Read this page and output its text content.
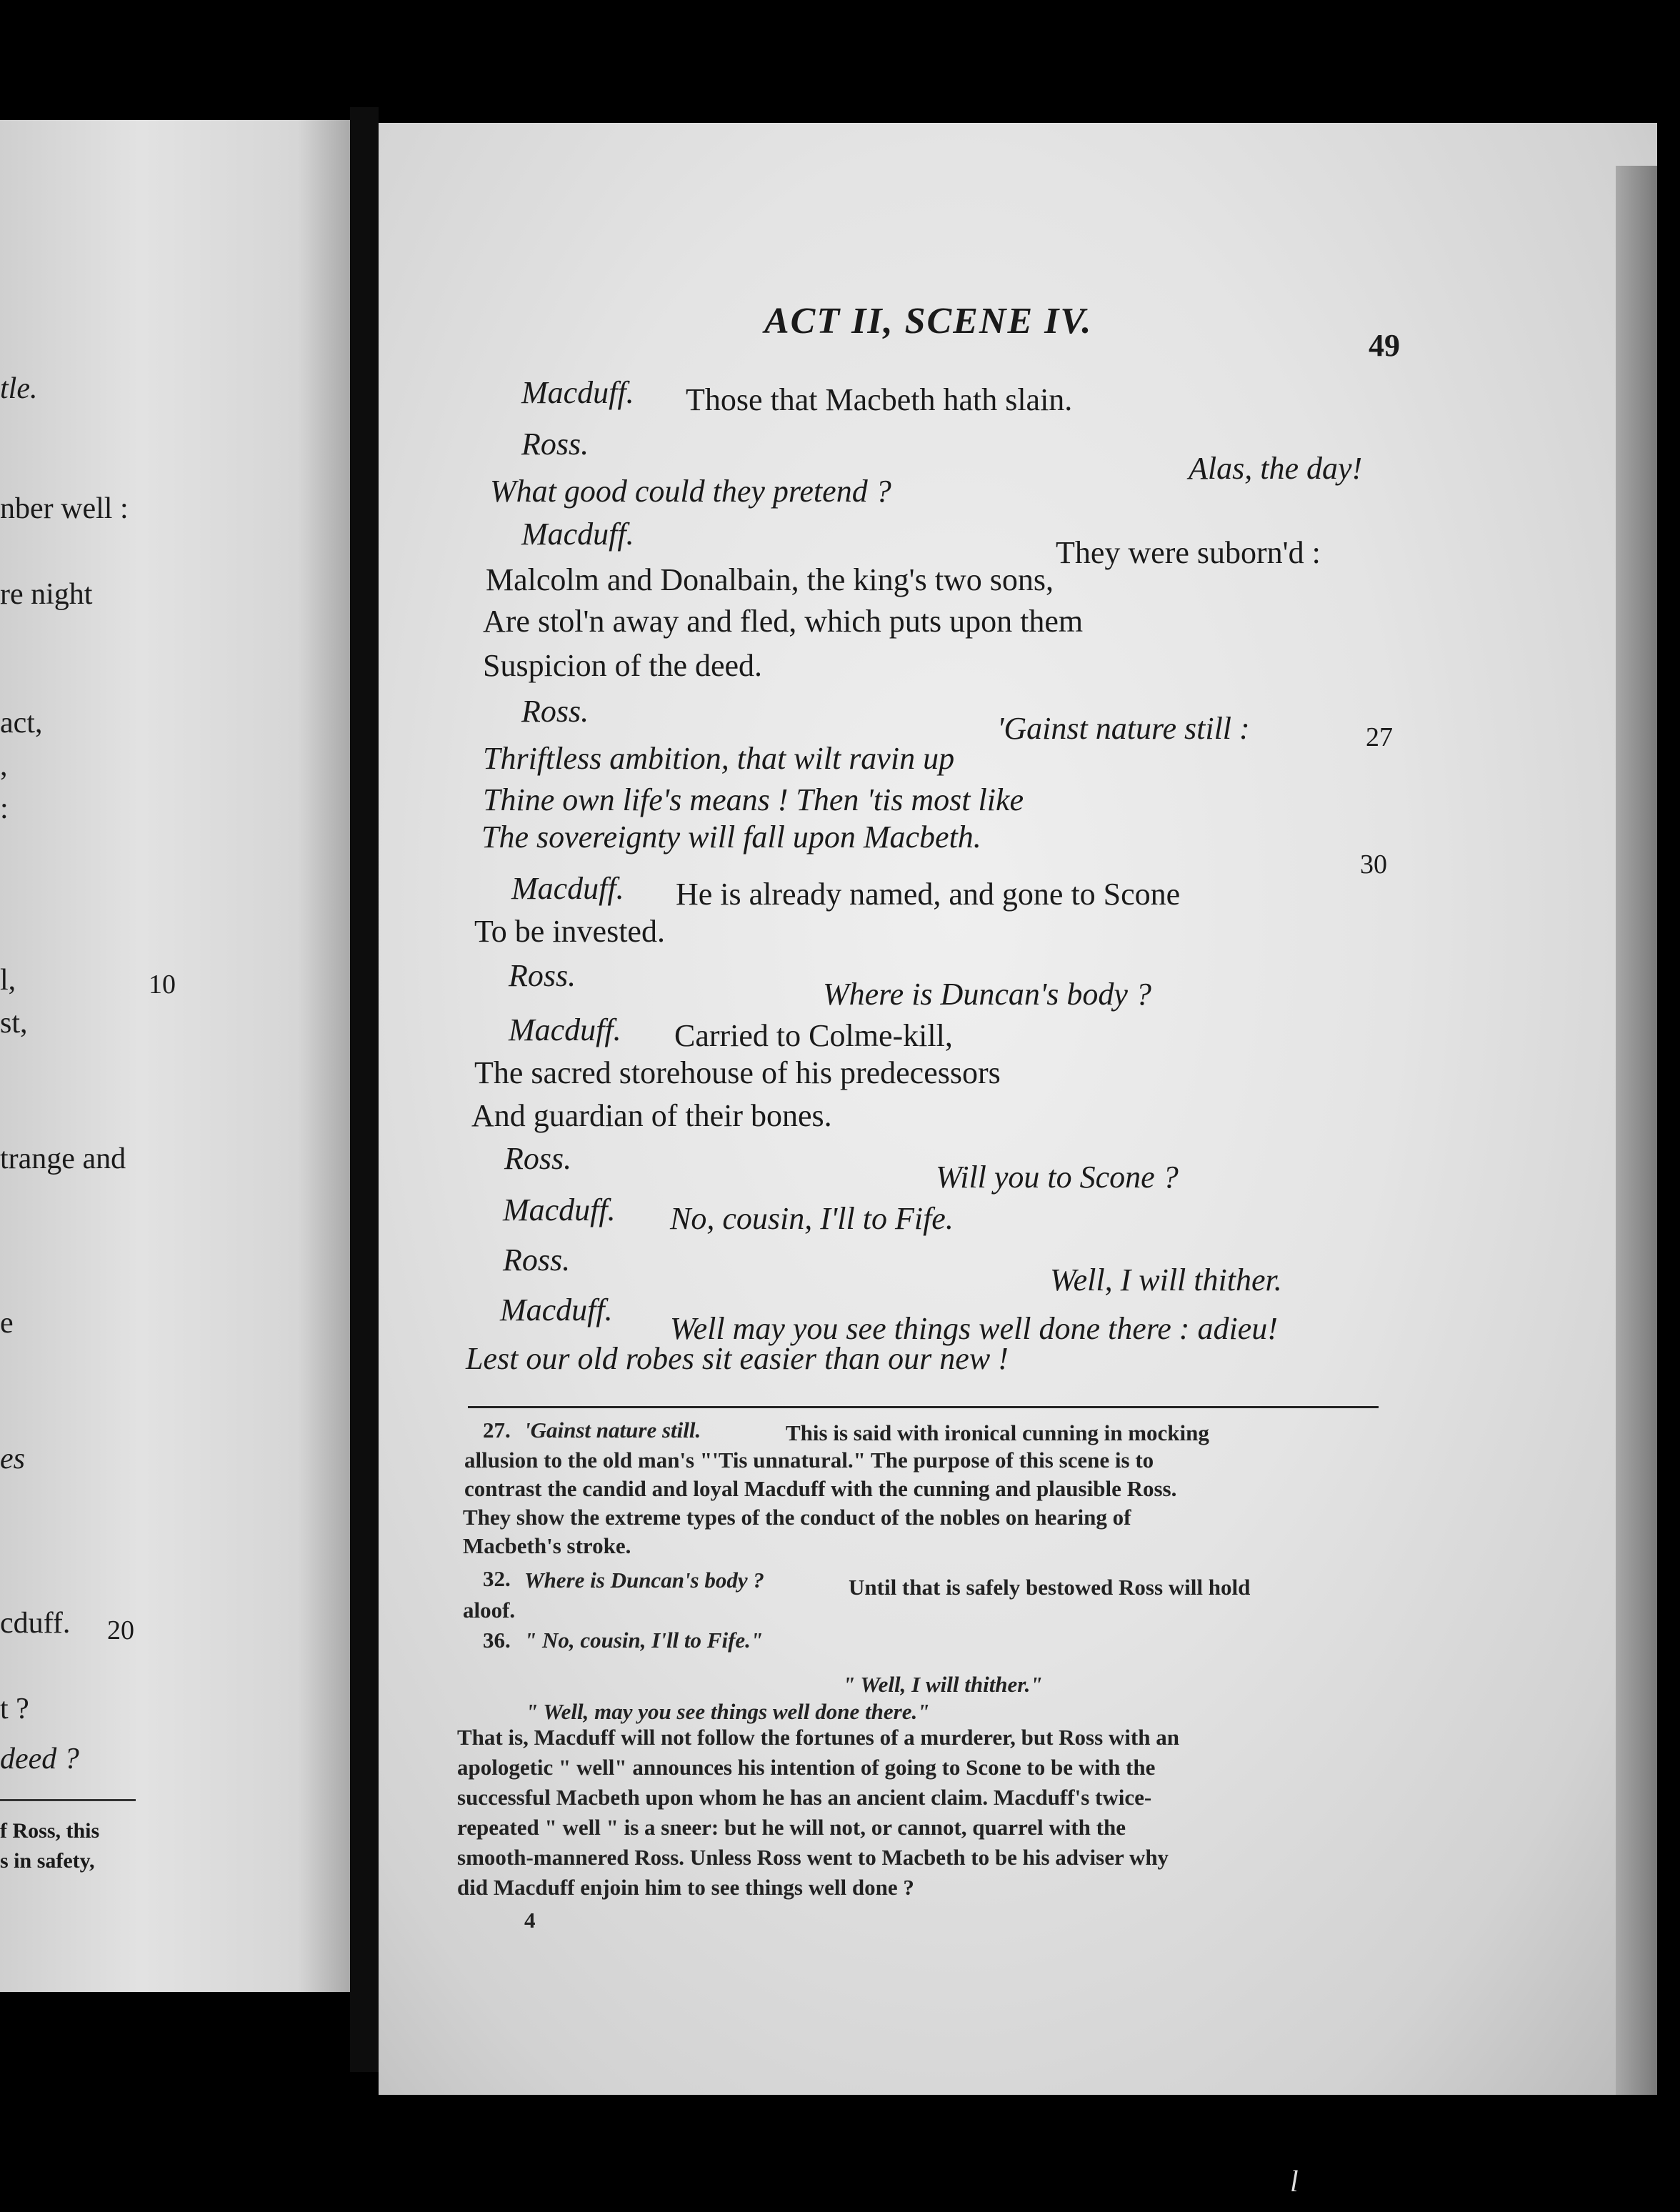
tle.
nber well :
re night
act,
,
:
l,	10
st,
trange and
e
es
cduff. 20
t ?
deed ?
f Ross, this
s in safety,
ACT II, SCENE IV.
49
Macduff. Those that Macbeth hath slain.
Ross.
Alas, the day!
What good could they pretend ?
Macduff.
They were suborn'd :
Malcolm and Donalbain, the king's two sons,
Are stol'n away and fled, which puts upon them
Suspicion of the deed.
Ross.	'Gainst nature still :	27
Thriftless ambition, that wilt ravin up
Thine own life's means ! Then 'tis most like
The sovereignty will fall upon Macbeth.
30
Macduff. He is already named, and gone to Scone
To be invested.
Ross.
Where is Duncan's body ?
Macduff. Carried to Colme-kill,
The sacred storehouse of his predecessors
And guardian of their bones.
Ross.
Will you to Scone ?
Macduff. No, cousin, I'll to Fife.
Ross.
Well, I will thither.
Macduff.
Well may you see things well done there : adieu!
Lest our old robes sit easier than our new !
27. 'Gainst nature still.	This is said with ironical cunning in mocking
allusion to the old man's "'Tis unnatural." The purpose of this scene is to
contrast the candid and loyal Macduff with the cunning and plausible Ross.
They show the extreme types of the conduct of the nobles on hearing of
Macbeth's stroke.
32. Where is Duncan's body ?	Until that is safely bestowed Ross will hold
aloof.
36. " No, cousin, I'll to Fife."
" Well, I will thither."
" Well, may you see things well done there."
That is, Macduff will not follow the fortunes of a murderer, but Ross with an
apologetic " well" announces his intention of going to Scone to be with the
successful Macbeth upon whom he has an ancient claim. Macduff's twice-
repeated " well " is a sneer: but he will not, or cannot, quarrel with the
smooth-mannered Ross. Unless Ross went to Macbeth to be his adviser why
did Macduff enjoin him to see things well done ?
4
l
